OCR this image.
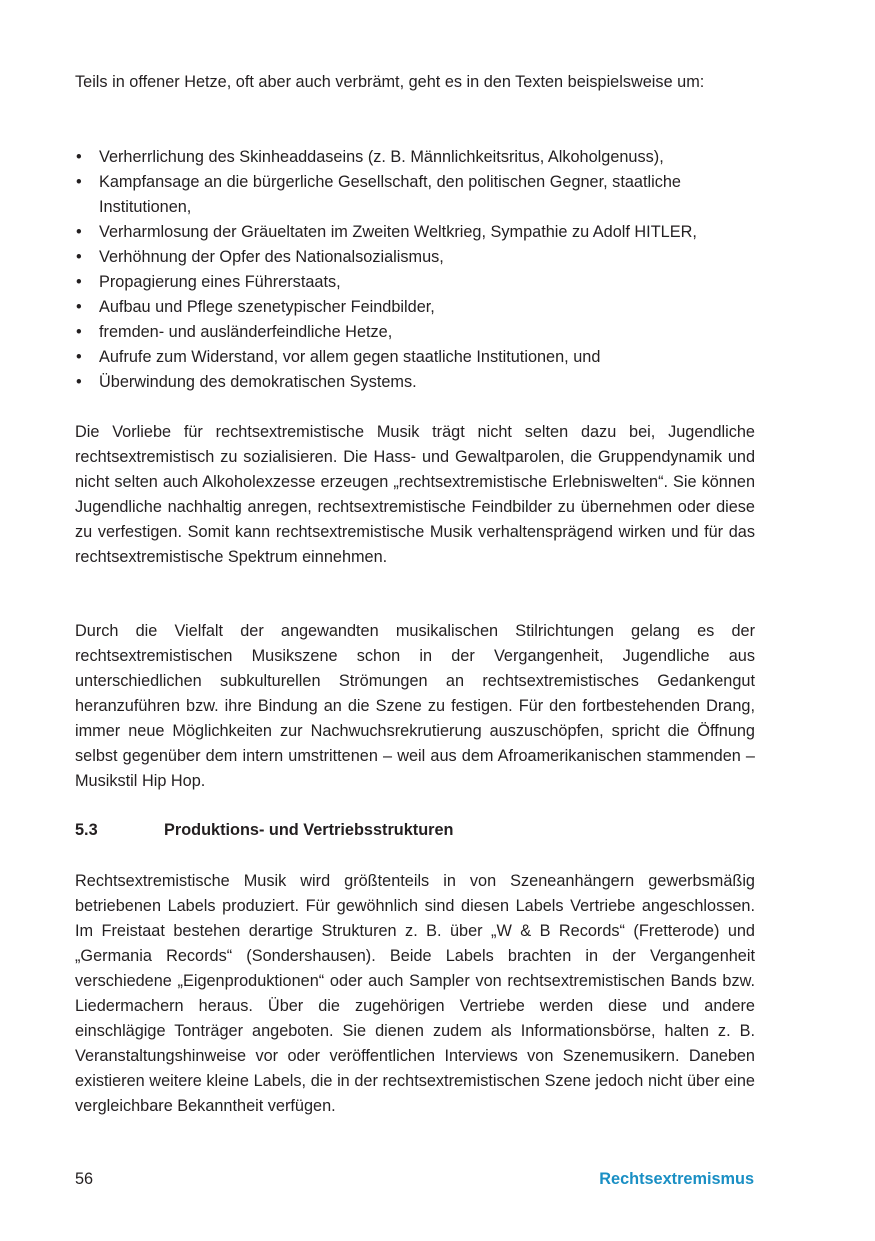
Teils in offener Hetze, oft aber auch verbrämt, geht es in den Texten beispielsweise um:

• Verherrlichung des Skinheaddaseins (z. B. Männlichkeitsritus, Alkoholgenuss),
• Kampfansage an die bürgerliche Gesellschaft, den politischen Gegner, staatliche Institutionen,
• Verharmlosung der Gräueltaten im Zweiten Weltkrieg, Sympathie zu Adolf HITLER,
• Verhöhnung der Opfer des Nationalsozialismus,
• Propagierung eines Führerstaats,
• Aufbau und Pflege szenetypischer Feindbilder,
• fremden- und ausländerfeindliche Hetze,
• Aufrufe zum Widerstand, vor allem gegen staatliche Institutionen, und
• Überwindung des demokratischen Systems.

Die Vorliebe für rechtsextremistische Musik trägt nicht selten dazu bei, Jugendliche rechtsextremistisch zu sozialisieren. Die Hass- und Gewaltparolen, die Gruppendynamik und nicht selten auch Alkoholexzesse erzeugen „rechtsextremistische Erlebniswelten“. Sie können Jugendliche nachhaltig anregen, rechtsextremistische Feindbilder zu übernehmen oder diese zu verfestigen. Somit kann rechtsextremistische Musik verhaltensprägend wirken und für das rechtsextremistische Spektrum einnehmen.

Durch die Vielfalt der angewandten musikalischen Stilrichtungen gelang es der rechtsextremistischen Musikszene schon in der Vergangenheit, Jugendliche aus unterschiedlichen subkulturellen Strömungen an rechtsextremistisches Gedankengut heranzuführen bzw. ihre Bindung an die Szene zu festigen. Für den fortbestehenden Drang, immer neue Möglichkeiten zur Nachwuchsrekrutierung auszuschöpfen, spricht die Öffnung selbst gegenüber dem intern umstrittenen – weil aus dem Afroamerikanischen stammenden – Musikstil Hip Hop.

5.3	Produktions- und Vertriebsstrukturen

Rechtsextremistische Musik wird größtenteils in von Szeneanhängern gewerbsmäßig betriebenen Labels produziert. Für gewöhnlich sind diesen Labels Vertriebe angeschlossen. Im Freistaat bestehen derartige Strukturen z. B. über „W & B Records“ (Fretterode) und „Germania Records“ (Sondershausen). Beide Labels brachten in der Vergangenheit verschiedene „Eigenproduktionen“ oder auch Sampler von rechtsextremistischen Bands bzw. Liedermachern heraus. Über die zugehörigen Vertriebe werden diese und andere einschlägige Tonträger angeboten. Sie dienen zudem als Informationsbörse, halten z. B. Veranstaltungshinweise vor oder veröffentlichen Interviews von Szenemusikern. Daneben existieren weitere kleine Labels, die in der rechtsextremistischen Szene jedoch nicht über eine vergleichbare Bekanntheit verfügen.

56	Rechtsextremismus
